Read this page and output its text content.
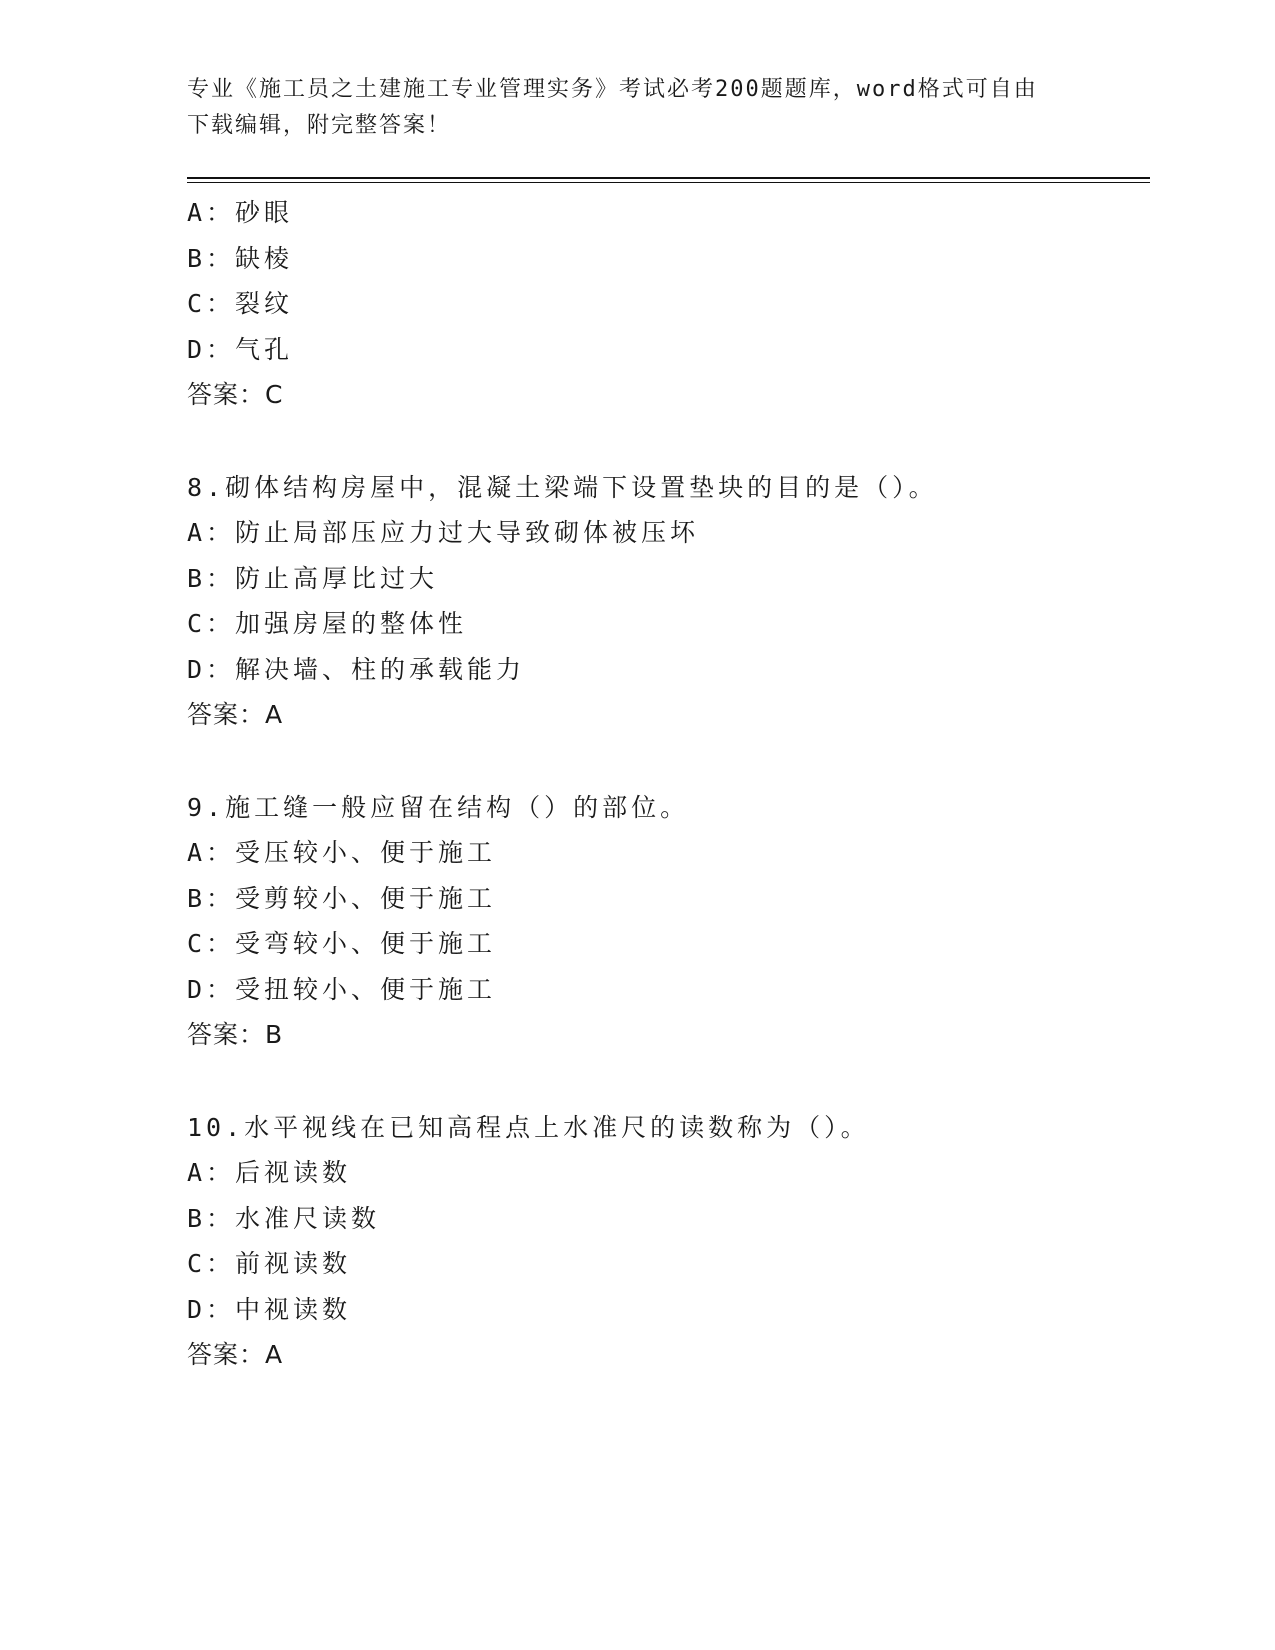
专业《施工员之土建施工专业管理实务》考试必考200题题库，word格式可自由
下载编辑，附完整答案！
A：砂眼
B：缺棱
C：裂纹
D：气孔
答案：C
8.砌体结构房屋中，混凝土梁端下设置垫块的目的是（）。
A：防止局部压应力过大导致砌体被压坏
B：防止高厚比过大
C：加强房屋的整体性
D：解决墙、柱的承载能力
答案：A
9.施工缝一般应留在结构（）的部位。
A：受压较小、便于施工
B：受剪较小、便于施工
C：受弯较小、便于施工
D：受扭较小、便于施工
答案：B
10.水平视线在已知高程点上水准尺的读数称为（）。
A：后视读数
B：水准尺读数
C：前视读数
D：中视读数
答案：A
